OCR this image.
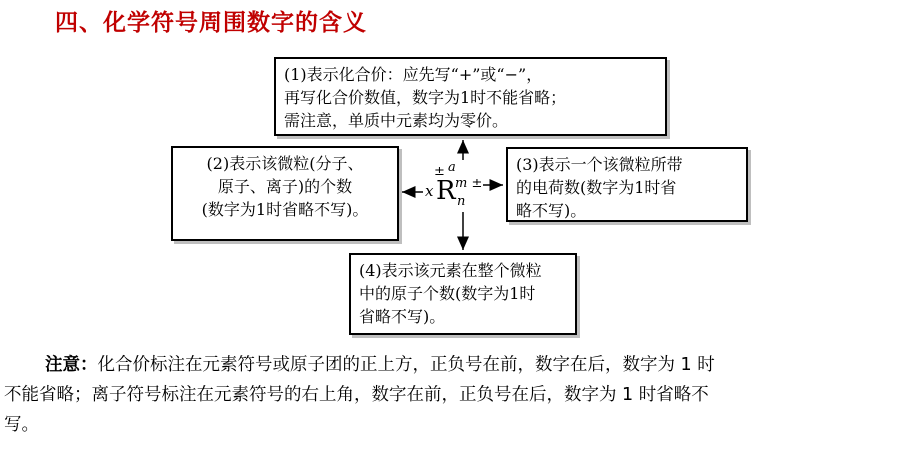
四、化学符号周围数字的含义
(1)表示化合价：应先写“+”或“−”，
再写化合价数值，数字为1时不能省略；
需注意，单质中元素均为零价。
(2)表示该微粒(分子、
原子、离子)的个数
(数字为1时省略不写)。
(3)表示一个该微粒所带
的电荷数(数字为1时省
略不写)。
(4)表示该元素在整个微粒
中的原子个数(数字为1时
省略不写)。
x R
± a
m ±
n
注意：化合价标注在元素符号或原子团的正上方，正负号在前，数字在后，数字为 1 时
不能省略；离子符号标注在元素符号的右上角，数字在前，正负号在后，数字为 1 时省略不
写。
